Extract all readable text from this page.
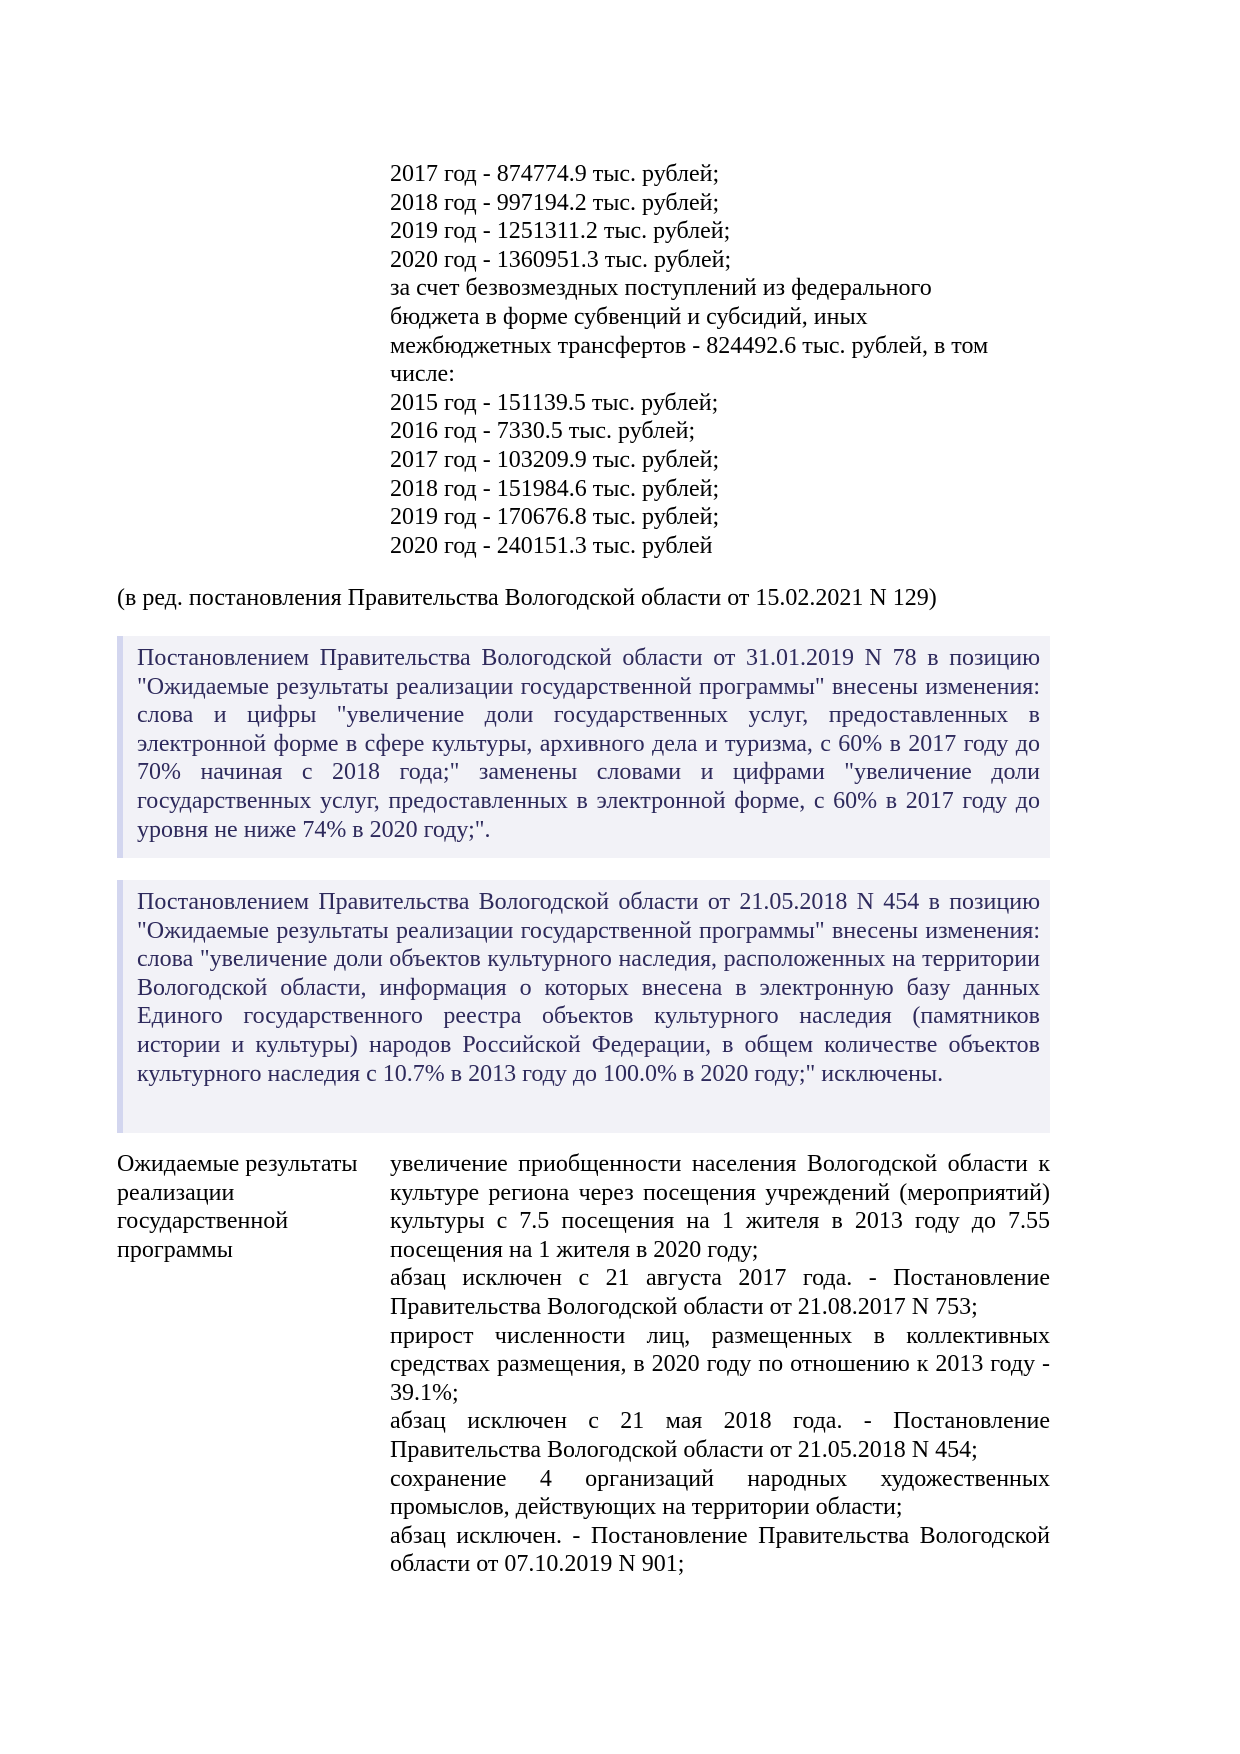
2017 год - 874774.9 тыс. рублей;
2018 год - 997194.2 тыс. рублей;
2019 год - 1251311.2 тыс. рублей;
2020 год - 1360951.3 тыс. рублей;
за счет безвозмездных поступлений из федерального
бюджета в форме субвенций и субсидий, иных
межбюджетных трансфертов - 824492.6 тыс. рублей, в том
числе:
2015 год - 151139.5 тыс. рублей;
2016 год - 7330.5 тыс. рублей;
2017 год - 103209.9 тыс. рублей;
2018 год - 151984.6 тыс. рублей;
2019 год - 170676.8 тыс. рублей;
2020 год - 240151.3 тыс. рублей
(в ред. постановления Правительства Вологодской области от 15.02.2021 N 129)
Постановлением Правительства Вологодской области от 31.01.2019 N 78 в позицию "Ожидаемые результаты реализации государственной программы" внесены изменения: слова и цифры "увеличение доли государственных услуг, предоставленных в электронной форме в сфере культуры, архивного дела и туризма, с 60% в 2017 году до 70% начиная с 2018 года;" заменены словами и цифрами "увеличение доли государственных услуг, предоставленных в электронной форме, с 60% в 2017 году до уровня не ниже 74% в 2020 году;".
Постановлением Правительства Вологодской области от 21.05.2018 N 454 в позицию "Ожидаемые результаты реализации государственной программы" внесены изменения: слова "увеличение доли объектов культурного наследия, расположенных на территории Вологодской области, информация о которых внесена в электронную базу данных Единого государственного реестра объектов культурного наследия (памятников истории и культуры) народов Российской Федерации, в общем количестве объектов культурного наследия с 10.7% в 2013 году до 100.0% в 2020 году;" исключены.
Ожидаемые результаты
реализации
государственной
программы
увеличение приобщенности населения Вологодской области к культуре региона через посещения учреждений (мероприятий) культуры с 7.5 посещения на 1 жителя в 2013 году до 7.55 посещения на 1 жителя в 2020 году;
абзац исключен с 21 августа 2017 года. - Постановление Правительства Вологодской области от 21.08.2017 N 753;
прирост численности лиц, размещенных в коллективных средствах размещения, в 2020 году по отношению к 2013 году - 39.1%;
абзац исключен с 21 мая 2018 года. - Постановление Правительства Вологодской области от 21.05.2018 N 454;
сохранение 4 организаций народных художественных промыслов, действующих на территории области;
абзац исключен. - Постановление Правительства Вологодской области от 07.10.2019 N 901;
